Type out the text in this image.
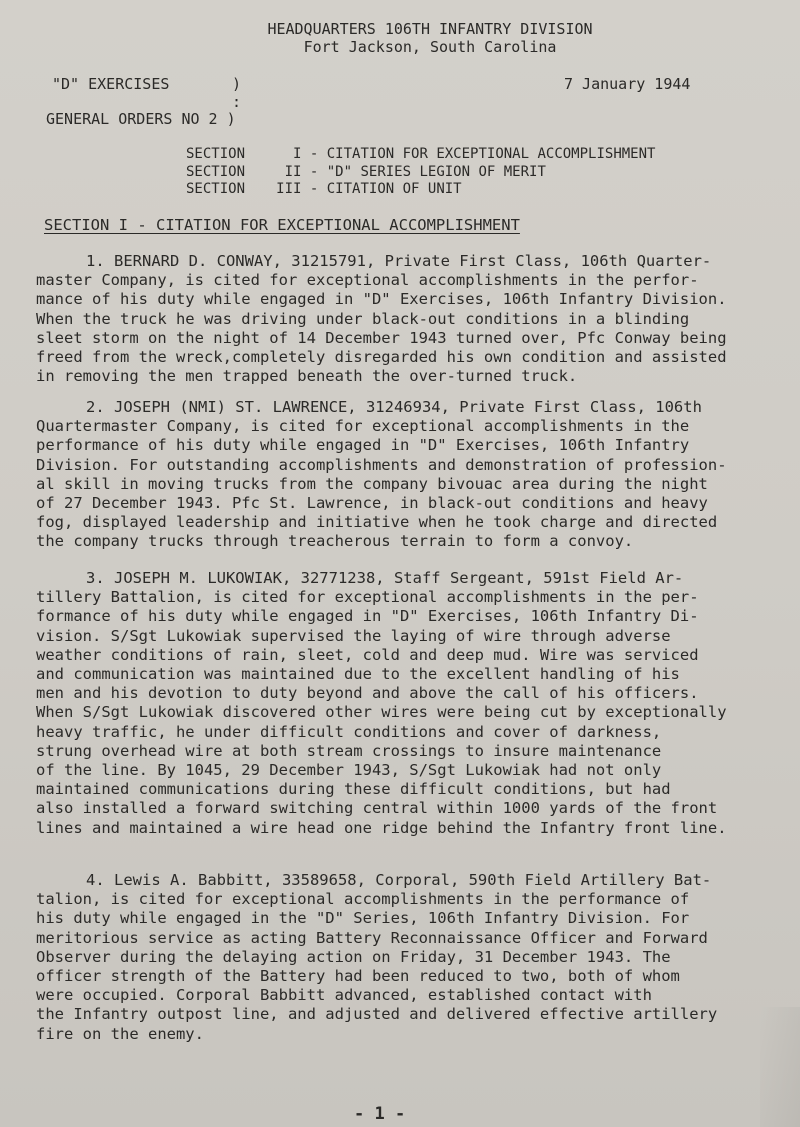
HEADQUARTERS 106TH INFANTRY DIVISION
Fort Jackson, South Carolina
"D" EXERCISES	)
:
7 January 1944
GENERAL ORDERS NO 2 )
SECTION	I - CITATION FOR EXCEPTIONAL ACCOMPLISHMENT
SECTION	II - "D" SERIES LEGION OF MERIT
SECTION III - CITATION OF UNIT
SECTION I - CITATION FOR EXCEPTIONAL ACCOMPLISHMENT
1. BERNARD D. CONWAY, 31215791, Private First Class, 106th Quarter-
master Company, is cited for exceptional accomplishments in the perfor-
mance of his duty while engaged in "D" Exercises, 106th Infantry Division.
When the truck he was driving under black-out conditions in a blinding
sleet storm on the night of 14 December 1943 turned over, Pfc Conway being
freed from the wreck,completely disregarded his own condition and assisted
in removing the men trapped beneath the over-turned truck.
2. JOSEPH (NMI) ST. LAWRENCE, 31246934, Private First Class, 106th
Quartermaster Company, is cited for exceptional accomplishments in the
performance of his duty while engaged in "D" Exercises, 106th Infantry
Division. For outstanding accomplishments and demonstration of profession-
al skill in moving trucks from the company bivouac area during the night
of 27 December 1943. Pfc St. Lawrence, in black-out conditions and heavy
fog, displayed leadership and initiative when he took charge and directed
the company trucks through treacherous terrain to form a convoy.
3. JOSEPH M. LUKOWIAK, 32771238, Staff Sergeant, 591st Field Ar-
tillery Battalion, is cited for exceptional accomplishments in the per-
formance of his duty while engaged in "D" Exercises, 106th Infantry Di-
vision. S/Sgt Lukowiak supervised the laying of wire through adverse
weather conditions of rain, sleet, cold and deep mud. Wire was serviced
and communication was maintained due to the excellent handling of his
men and his devotion to duty beyond and above the call of his officers.
When S/Sgt Lukowiak discovered other wires were being cut by exceptionally
heavy traffic, he under difficult conditions and cover of darkness,
strung overhead wire at both stream crossings to insure maintenance
of the line. By 1045, 29 December 1943, S/Sgt Lukowiak had not only
maintained communications during these difficult conditions, but had
also installed a forward switching central within 1000 yards of the front
lines and maintained a wire head one ridge behind the Infantry front line.
4. Lewis A. Babbitt, 33589658, Corporal, 590th Field Artillery Bat-
talion, is cited for exceptional accomplishments in the performance of
his duty while engaged in the "D" Series, 106th Infantry Division. For
meritorious service as acting Battery Reconnaissance Officer and Forward
Observer during the delaying action on Friday, 31 December 1943. The
officer strength of the Battery had been reduced to two, both of whom
were occupied. Corporal Babbitt advanced, established contact with
the Infantry outpost line, and adjusted and delivered effective artillery
fire on the enemy.
- 1 -
